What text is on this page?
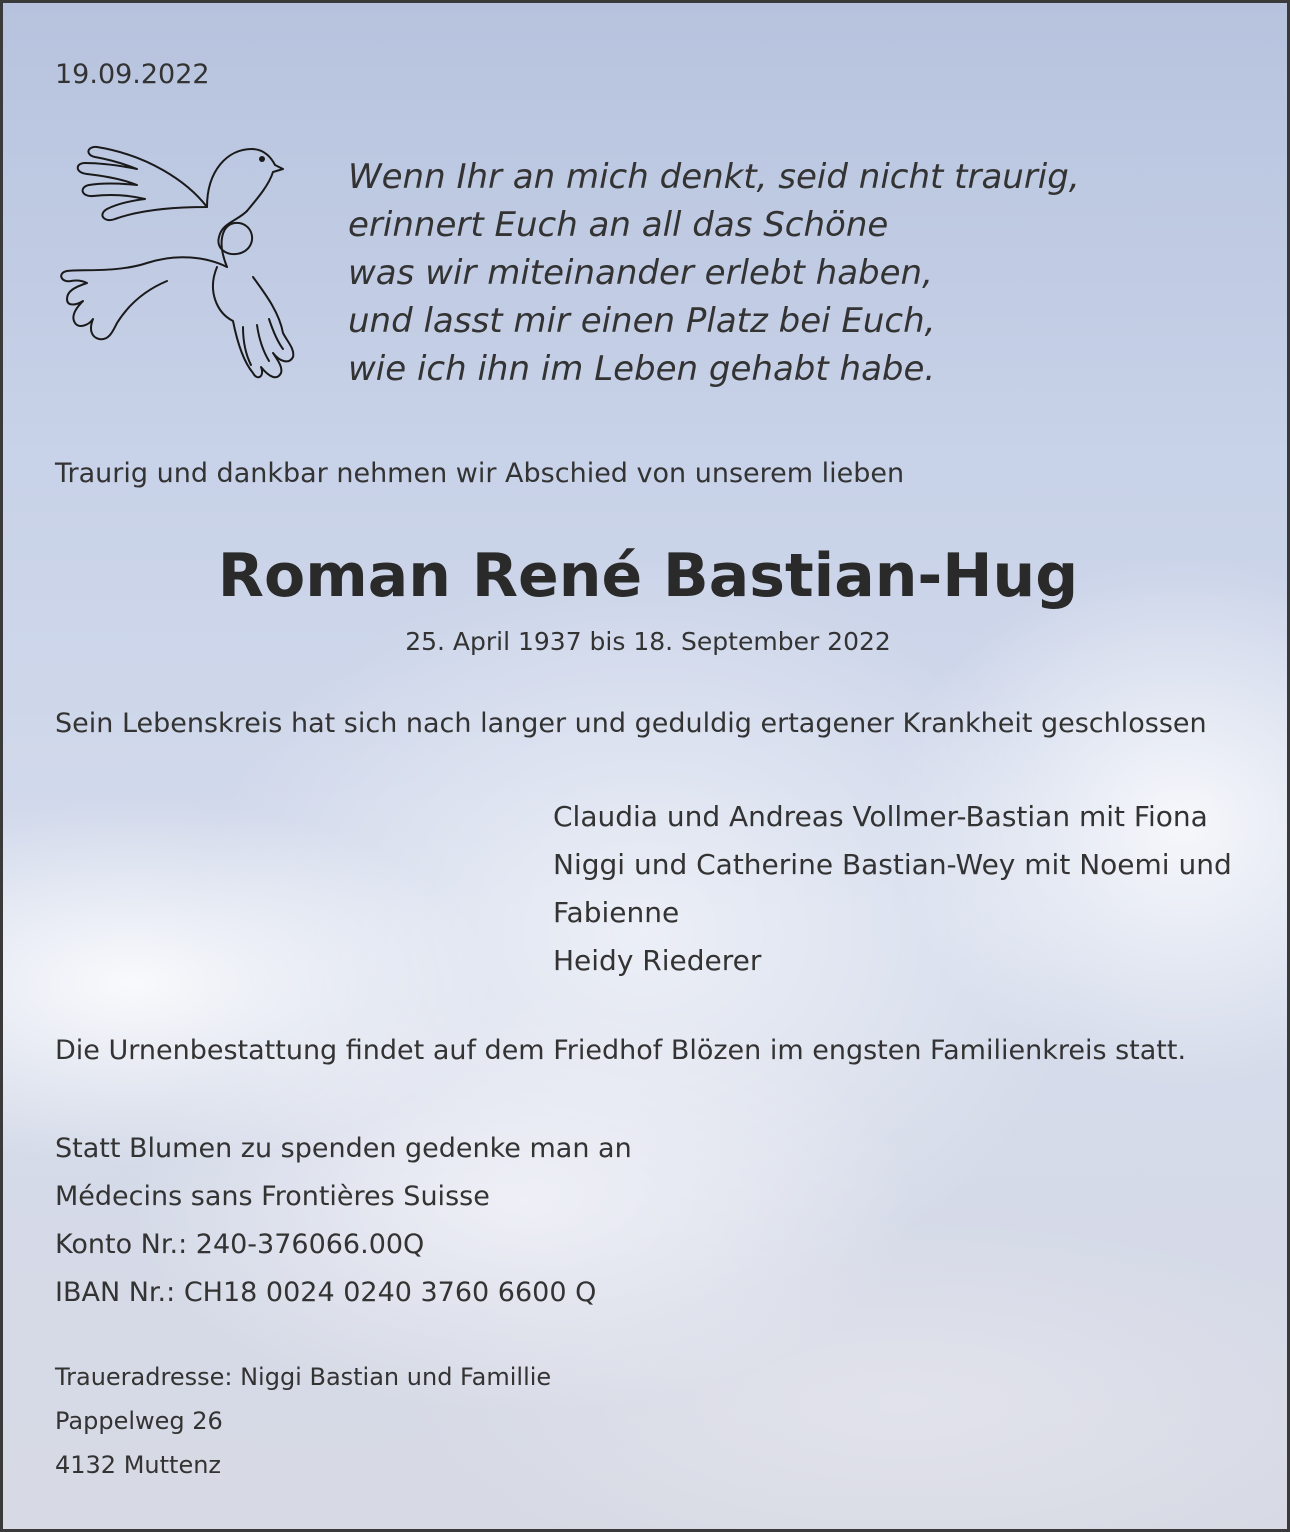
19.09.2022
Wenn Ihr an mich denkt, seid nicht traurig,
erinnert Euch an all das Schöne
was wir miteinander erlebt haben,
und lasst mir einen Platz bei Euch,
wie ich ihn im Leben gehabt habe.
Traurig und dankbar nehmen wir Abschied von unserem lieben
Roman René Bastian-Hug
25. April 1937 bis 18. September 2022
Sein Lebenskreis hat sich nach langer und geduldig ertagener Krankheit geschlossen
Claudia und Andreas Vollmer-Bastian mit Fiona
Niggi und Catherine Bastian-Wey mit Noemi und
Fabienne
Heidy Riederer
Die Urnenbestattung findet auf dem Friedhof Blözen im engsten Familienkreis statt.
Statt Blumen zu spenden gedenke man an
Médecins sans Frontières Suisse
Konto Nr.: 240-376066.00Q
IBAN Nr.: CH18 0024 0240 3760 6600 Q
Traueradresse: Niggi Bastian und Famillie
Pappelweg 26
4132 Muttenz
